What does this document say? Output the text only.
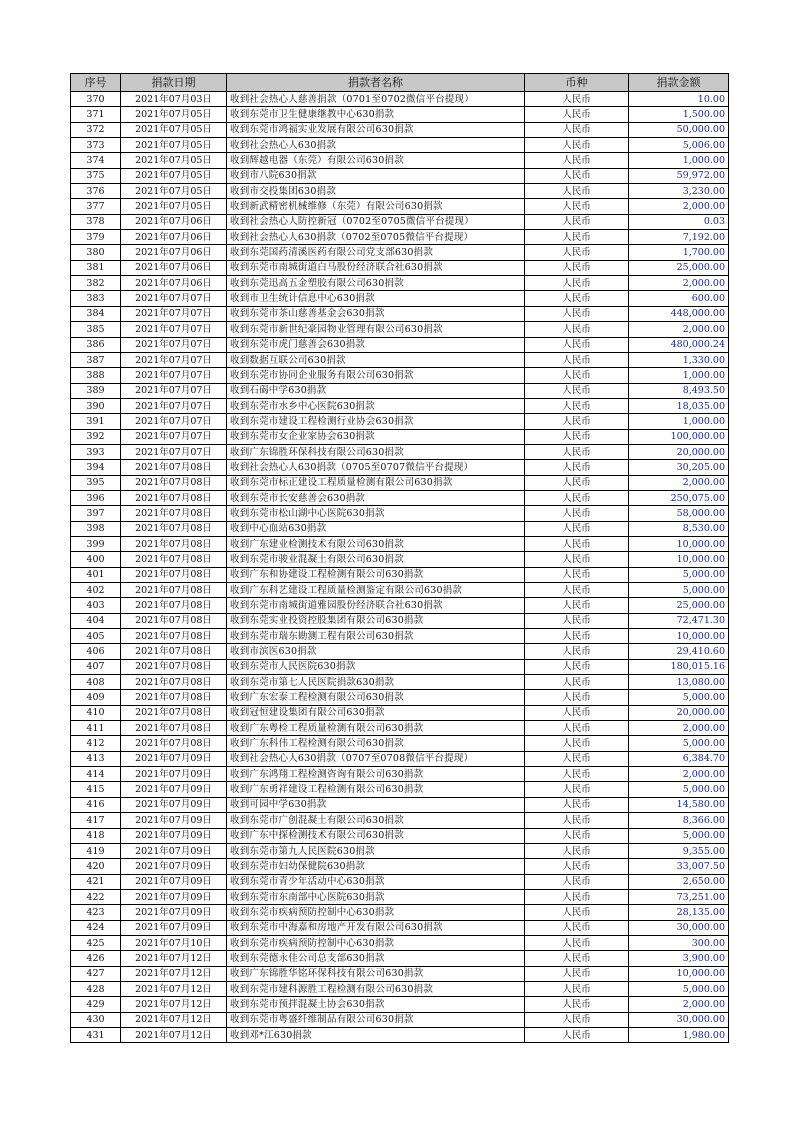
序号	捐款日期	捐款者名称	币种	捐款金额
370	2021年07月03日	收到社会热心人慈善捐款（0701至0702微信平台提现）	人民币	10.00
371	2021年07月05日	收到东莞市卫生健康继教中心630捐款	人民币	1,500.00
372	2021年07月05日	收到东莞市鸿福实业发展有限公司630捐款	人民币	50,000.00
373	2021年07月05日	收到社会热心人630捐款	人民币	5,006.00
374	2021年07月05日	收到辉越电器（东莞）有限公司630捐款	人民币	1,000.00
375	2021年07月05日	收到市八院630捐款	人民币	59,972.00
376	2021年07月05日	收到市交投集团630捐款	人民币	3,230.00
377	2021年07月05日	收到新武精密机械维修（东莞）有限公司630捐款	人民币	2,000.00
378	2021年07月06日	收到社会热心人防控新冠（0702至0705微信平台提现）	人民币	0.03
379	2021年07月06日	收到社会热心人630捐款（0702至0705微信平台提现）	人民币	7,192.00
380	2021年07月06日	收到东莞国药清溪医药有限公司党支部630捐款	人民币	1,700.00
381	2021年07月06日	收到东莞市南城街道白马股份经济联合社630捐款	人民币	25,000.00
382	2021年07月06日	收到东莞迅高五金塑胶有限公司630捐款	人民币	2,000.00
383	2021年07月07日	收到市卫生统计信息中心630捐款	人民币	600.00
384	2021年07月07日	收到东莞市茶山慈善基金会630捐款	人民币	448,000.00
385	2021年07月07日	收到东莞市新世纪豪园物业管理有限公司630捐款	人民币	2,000.00
386	2021年07月07日	收到东莞市虎门慈善会630捐款	人民币	480,000.24
387	2021年07月07日	收到数据互联公司630捐款	人民币	1,330.00
388	2021年07月07日	收到东莞市协同企业服务有限公司630捐款	人民币	1,000.00
389	2021年07月07日	收到石碣中学630捐款	人民币	8,493.50
390	2021年07月07日	收到东莞市水乡中心医院630捐款	人民币	18,035.00
391	2021年07月07日	收到东莞市建设工程检测行业协会630捐款	人民币	1,000.00
392	2021年07月07日	收到东莞市女企业家协会630捐款	人民币	100,000.00
393	2021年07月07日	收到广东锦胜环保科技有限公司630捐款	人民币	20,000.00
394	2021年07月08日	收到社会热心人630捐款（0705至0707微信平台提现）	人民币	30,205.00
395	2021年07月08日	收到东莞市标正建设工程质量检测有限公司630捐款	人民币	2,000.00
396	2021年07月08日	收到东莞市长安慈善会630捐款	人民币	250,075.00
397	2021年07月08日	收到东莞市松山湖中心医院630捐款	人民币	58,000.00
398	2021年07月08日	收到中心血站630捐款	人民币	8,530.00
399	2021年07月08日	收到广东建业检测技术有限公司630捐款	人民币	10,000.00
400	2021年07月08日	收到东莞市骏业混凝土有限公司630捐款	人民币	10,000.00
401	2021年07月08日	收到广东和协建设工程检测有限公司630捐款	人民币	5,000.00
402	2021年07月08日	收到广东科艺建设工程质量检测鉴定有限公司630捐款	人民币	5,000.00
403	2021年07月08日	收到东莞市南城街道雅园股份经济联合社630捐款	人民币	25,000.00
404	2021年07月08日	收到东莞实业投资控股集团有限公司630捐款	人民币	72,471.30
405	2021年07月08日	收到东莞市瑞东勘测工程有限公司630捐款	人民币	10,000.00
406	2021年07月08日	收到市滨医630捐款	人民币	29,410.60
407	2021年07月08日	收到东莞市人民医院630捐款	人民币	180,015.16
408	2021年07月08日	收到东莞市第七人民医院捐款630捐款	人民币	13,080.00
409	2021年07月08日	收到广东宏泰工程检测有限公司630捐款	人民币	5,000.00
410	2021年07月08日	收到冠恒建设集团有限公司630捐款	人民币	20,000.00
411	2021年07月08日	收到广东粤检工程质量检测有限公司630捐款	人民币	2,000.00
412	2021年07月08日	收到广东科伟工程检测有限公司630捐款	人民币	5,000.00
413	2021年07月09日	收到社会热心人630捐款（0707至0708微信平台提现）	人民币	6,384.70
414	2021年07月09日	收到广东鸿翔工程检测咨询有限公司630捐款	人民币	2,000.00
415	2021年07月09日	收到广东勇祥建设工程检测有限公司630捐款	人民币	5,000.00
416	2021年07月09日	收到可园中学630捐款	人民币	14,580.00
417	2021年07月09日	收到东莞市广创混凝土有限公司630捐款	人民币	8,366.00
418	2021年07月09日	收到广东中探检测技术有限公司630捐款	人民币	5,000.00
419	2021年07月09日	收到东莞市第九人民医院630捐款	人民币	9,355.00
420	2021年07月09日	收到东莞市妇幼保健院630捐款	人民币	33,007.50
421	2021年07月09日	收到东莞市青少年活动中心630捐款	人民币	2,650.00
422	2021年07月09日	收到东莞市东南部中心医院630捐款	人民币	73,251.00
423	2021年07月09日	收到东莞市疾病预防控制中心630捐款	人民币	28,135.00
424	2021年07月09日	收到东莞市中海嘉和房地产开发有限公司630捐款	人民币	30,000.00
425	2021年07月10日	收到东莞市疾病预防控制中心630捐款	人民币	300.00
426	2021年07月12日	收到东莞德永佳公司总支部630捐款	人民币	3,900.00
427	2021年07月12日	收到广东锦胜华铭环保科技有限公司630捐款	人民币	10,000.00
428	2021年07月12日	收到东莞市建科源胜工程检测有限公司630捐款	人民币	5,000.00
429	2021年07月12日	收到东莞市预拌混凝土协会630捐款	人民币	2,000.00
430	2021年07月12日	收到东莞市粤盛纤维制品有限公司630捐款	人民币	30,000.00
431	2021年07月12日	收到邓*江630捐款	人民币	1,980.00
